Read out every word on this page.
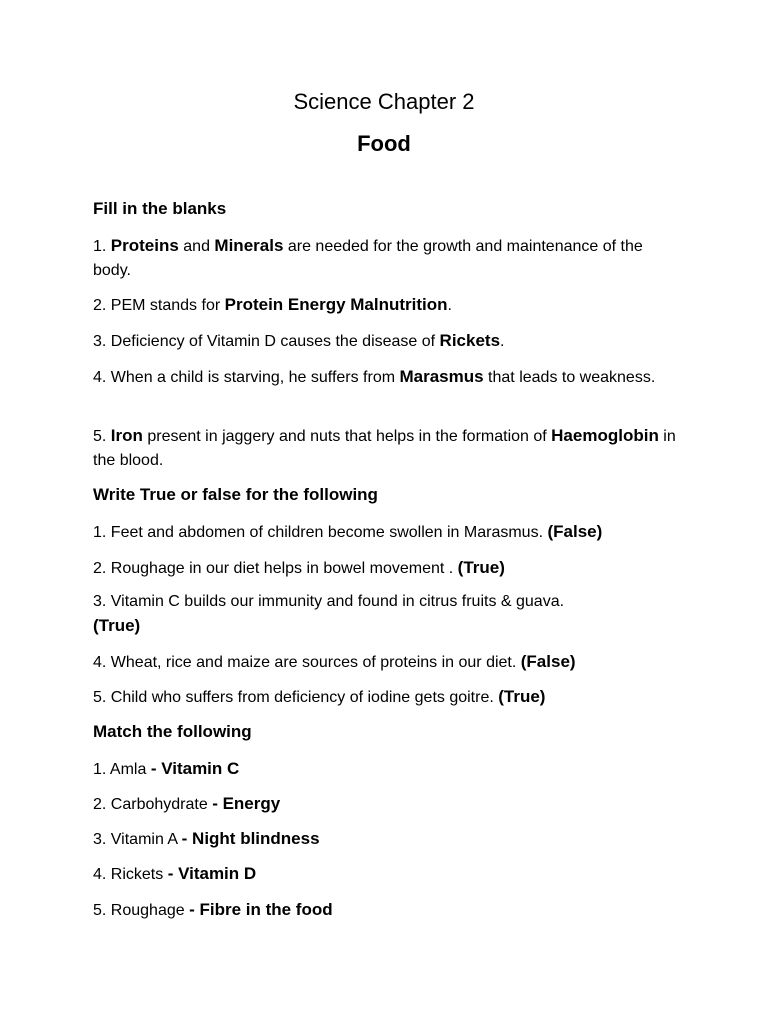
Science Chapter 2
Food
Fill in the blanks
1. Proteins and Minerals are needed for the growth and maintenance of the body.
2. PEM stands for Protein Energy Malnutrition.
3. Deficiency of Vitamin D causes the disease of Rickets.
4. When a child is starving, he suffers from Marasmus that leads to weakness.
5. Iron present in jaggery and nuts that helps in the formation of Haemoglobin in the blood.
Write True or false for the following
1. Feet and abdomen of children become swollen in Marasmus. (False)
2. Roughage in our diet helps in bowel movement . (True)
3. Vitamin C builds our immunity and found in citrus fruits & guava.
(True)
4. Wheat, rice and maize are sources of proteins in our diet. (False)
5. Child who suffers from deficiency of iodine gets goitre. (True)
Match the following
1. Amla - Vitamin C
2. Carbohydrate - Energy
3. Vitamin A - Night blindness
4. Rickets - Vitamin D
5. Roughage - Fibre in the food
